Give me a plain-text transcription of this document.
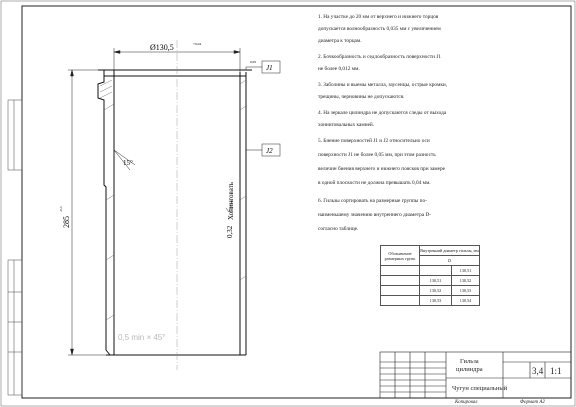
Ø130,5	+0,04
J1
0,05
J2
15°
Хонинговать
0,32
285
-0,3
0,5 min × 45°
1. На участке до 20 мм от верхнего и нижнего торцов
допускается волнообразность 0,035 мм с увеличением
диаметра к торцам.
2. Бочкообразность и седлообразность поверхности J1
не более 0,012 мм.
3. Заболины и выемы металла, заусенцы, острые кромки,
трещины, черновины не допускаются.
4. На зеркале цилиндра не допускаются следы от выхода
хонинговальных камней.
5. Биение поверхностей J1 и J2 относительно оси
поверхности J1 не более 0,05 мм, при этом разность
величин биения верхнего и нижнего поясков при замере
в одной плоскости не должна превышать 0,04 мм.
6. Гильзы сортировать на размерные группы по-
наименьшему значению внутреннего диаметра D-
согласно таблице.
Обозначение размерных групп	Внутренний диаметр гильзы, мм	
	D	
		130,51
	130,51	130,52
	130,52	130,53
	130,53	130,54
Гильза
цилиндра
Чугун специальный
3,4 1:1
Копировал	Формат А2
